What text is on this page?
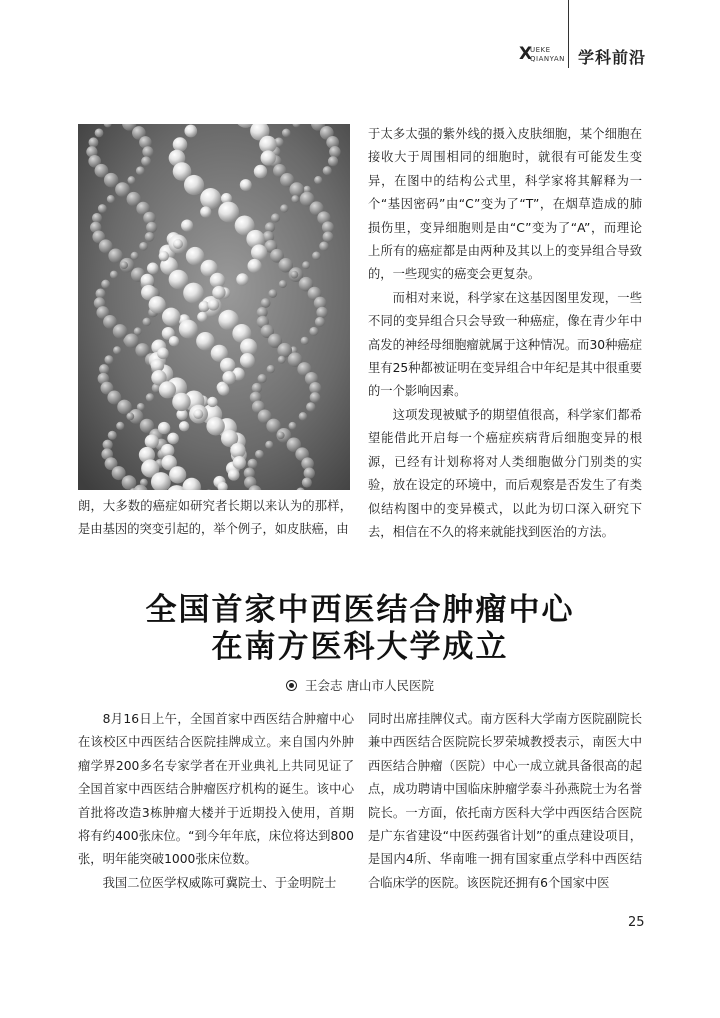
X
UEKE
QIANYAN 学科前沿

于太多太强的紫外线的摄入皮肤细胞，某个细胞在接收大于周围相同的细胞时，就很有可能发生变异，在图中的结构公式里，科学家将其解释为一个“基因密码”由“C”变为了“T”，在烟草造成的肺损伤里，变异细胞则是由“C”变为了“A”，而理论上所有的癌症都是由两种及其以上的变异组合导致的，一些现实的癌变会更复杂。

而相对来说，科学家在这基因图里发现，一些不同的变异组合只会导致一种癌症，像在青少年中高发的神经母细胞瘤就属于这种情况。而30种癌症里有25种都被证明在变异组合中年纪是其中很重要的一个影响因素。

这项发现被赋予的期望值很高，科学家们都希望能借此开启每一个癌症疾病背后细胞变异的根源，已经有计划称将对人类细胞做分门别类的实验，放在设定的环境中，而后观察是否发生了有类似结构图中的变异模式，以此为切口深入研究下去，相信在不久的将来就能找到医治的方法。

朗，大多数的癌症如研究者长期以来认为的那样，是由基因的突变引起的，举个例子，如皮肤癌，由

全国首家中西医结合肿瘤中心
在南方医科大学成立
王会志 唐山市人民医院

8月16日上午，全国首家中西医结合肿瘤中心在该校区中西医结合医院挂牌成立。来自国内外肿瘤学界200多名专家学者在开业典礼上共同见证了全国首家中西医结合肿瘤医疗机构的诞生。该中心首批将改造3栋肿瘤大楼并于近期投入使用，首期将有约400张床位。“到今年年底，床位将达到800张，明年能突破1000张床位数。

我国二位医学权威陈可冀院士、于金明院士

同时出席挂牌仪式。南方医科大学南方医院副院长兼中西医结合医院院长罗荣城教授表示，南医大中西医结合肿瘤（医院）中心一成立就具备很高的起点，成功聘请中国临床肿瘤学泰斗孙燕院士为名誉院长。一方面，依托南方医科大学中西医结合医院是广东省建设“中医药强省计划”的重点建设项目，是国内4所、华南唯一拥有国家重点学科中西医结合临床学的医院。该医院还拥有6个国家中医

25
